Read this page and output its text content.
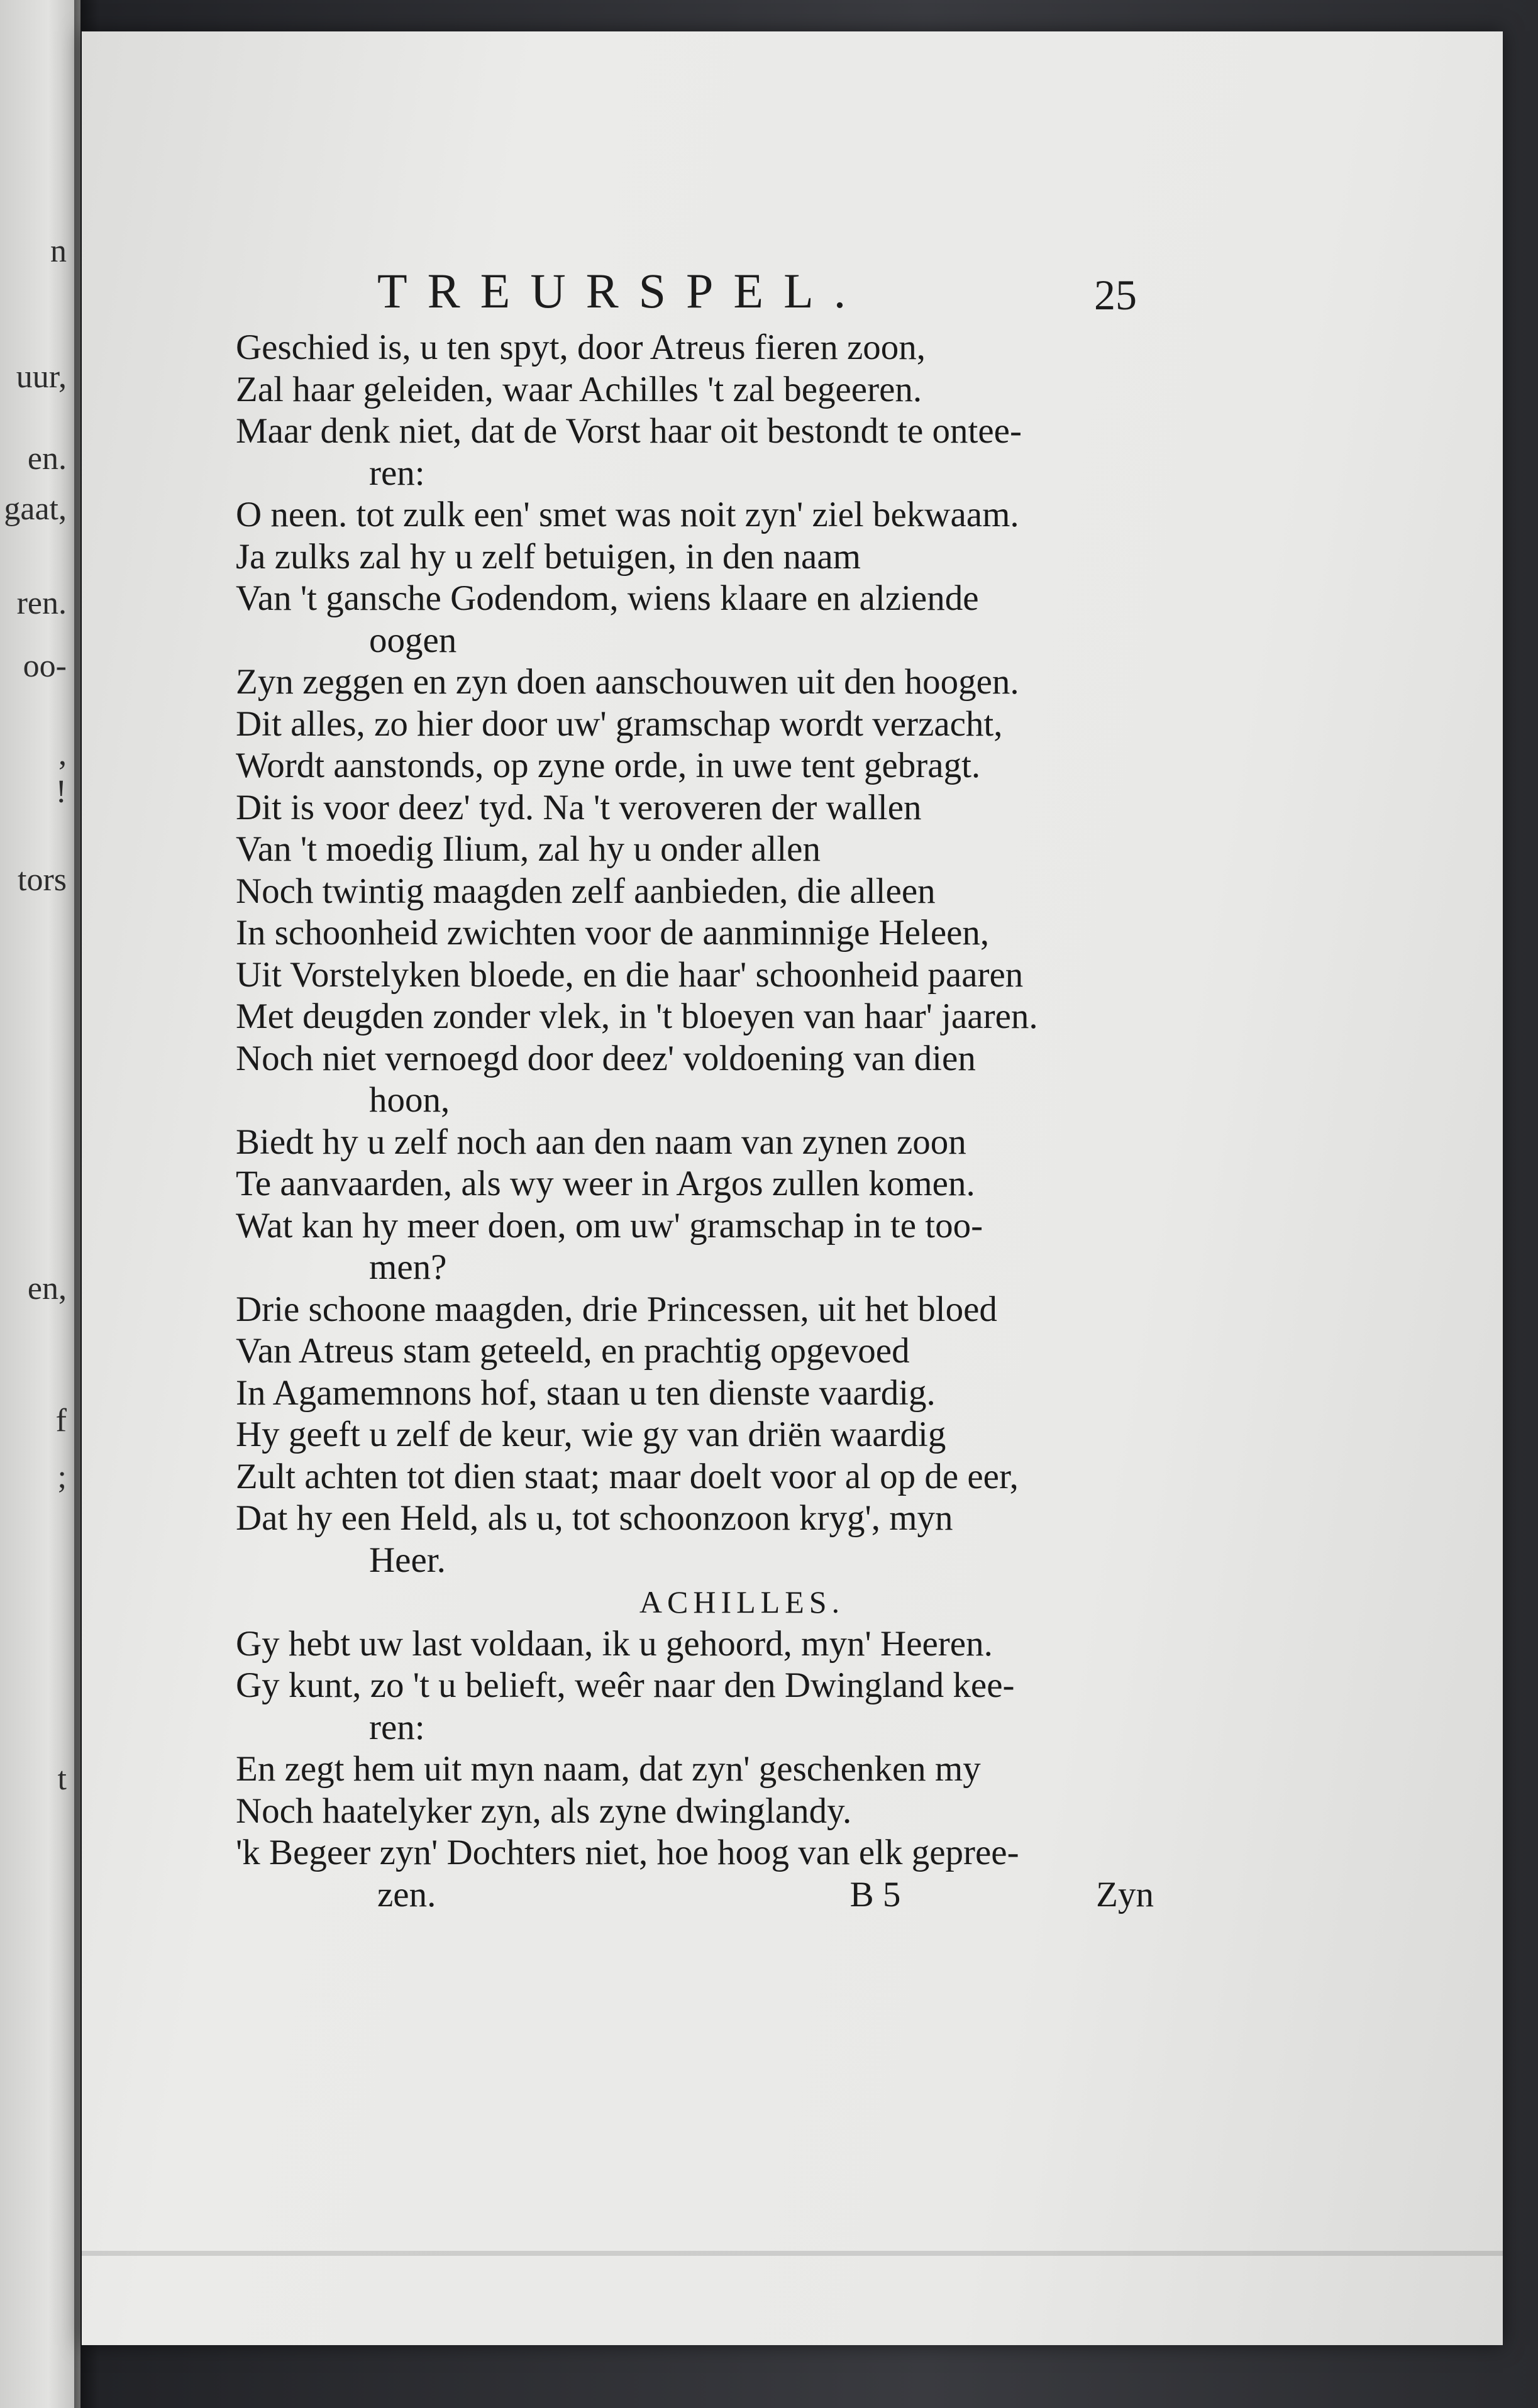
n
uur,
en.
gaat,
ren.
oo-
,
!
tors
en,
f
;
t
TREURSPEL.	25
Geschied is, u ten spyt, door Atreus fieren zoon,
Zal haar geleiden, waar Achilles 't zal begeeren.
Maar denk niet, dat de Vorst haar oit bestondt te ontee-
ren:
O neen. tot zulk een' smet was noit zyn' ziel bekwaam.
Ja zulks zal hy u zelf betuigen, in den naam
Van 't gansche Godendom, wiens klaare en alziende
oogen
Zyn zeggen en zyn doen aanschouwen uit den hoogen.
Dit alles, zo hier door uw' gramschap wordt verzacht,
Wordt aanstonds, op zyne orde, in uwe tent gebragt.
Dit is voor deez' tyd. Na 't veroveren der wallen
Van 't moedig Ilium, zal hy u onder allen
Noch twintig maagden zelf aanbieden, die alleen
In schoonheid zwichten voor de aanminnige Heleen,
Uit Vorstelyken bloede, en die haar' schoonheid paaren
Met deugden zonder vlek, in 't bloeyen van haar' jaaren.
Noch niet vernoegd door deez' voldoening van dien
hoon,
Biedt hy u zelf noch aan den naam van zynen zoon
Te aanvaarden, als wy weer in Argos zullen komen.
Wat kan hy meer doen, om uw' gramschap in te too-
men?
Drie schoone maagden, drie Princessen, uit het bloed
Van Atreus stam geteeld, en prachtig opgevoed
In Agamemnons hof, staan u ten dienste vaardig.
Hy geeft u zelf de keur, wie gy van driën waardig
Zult achten tot dien staat; maar doelt voor al op de eer,
Dat hy een Held, als u, tot schoonzoon kryg', myn
Heer.
ACHILLES.
Gy hebt uw last voldaan, ik u gehoord, myn' Heeren.
Gy kunt, zo 't u belieft, weêr naar den Dwingland kee-
ren:
En zegt hem uit myn naam, dat zyn' geschenken my
Noch haatelyker zyn, als zyne dwinglandy.
'k Begeer zyn' Dochters niet, hoe hoog van elk gepree-
zen.	B 5	Zyn
